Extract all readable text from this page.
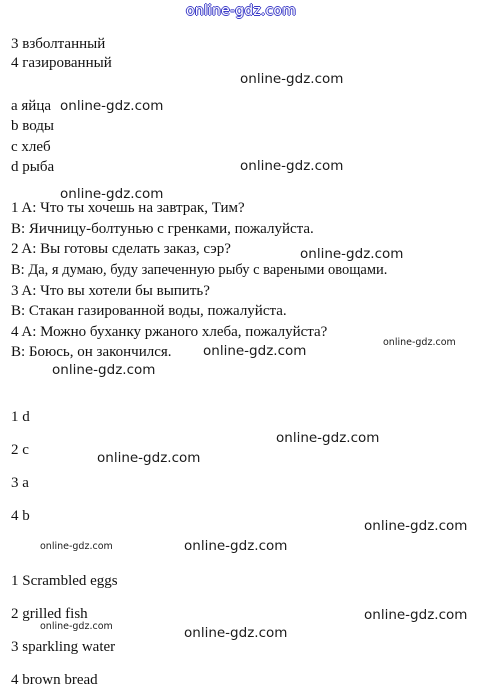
online-gdz.com
3 взболтанный
4 газированный
a яйца
b воды
c хлеб
d рыба
1 A: Что ты хочешь на завтрак, Тим?
B: Яичницу-болтунью с гренками, пожалуйста.
2 A: Вы готовы сделать заказ, сэр?
B: Да, я думаю, буду запеченную рыбу с вареными овощами.
3 A: Что вы хотели бы выпить?
B: Стакан газированной воды, пожалуйста.
4 A: Можно буханку ржаного хлеба, пожалуйста?
B: Боюсь, он закончился.
1 d
2 c
3 a
4 b
1 Scrambled eggs
2 grilled fish
3 sparkling water
4 brown bread
online-gdz.com
online-gdz.com
online-gdz.com
online-gdz.com
online-gdz.com
online-gdz.com
online-gdz.com
online-gdz.com
online-gdz.com
online-gdz.com
online-gdz.com
online-gdz.com	online-gdz.com
online-gdz.com
online-gdz.com	online-gdz.com
